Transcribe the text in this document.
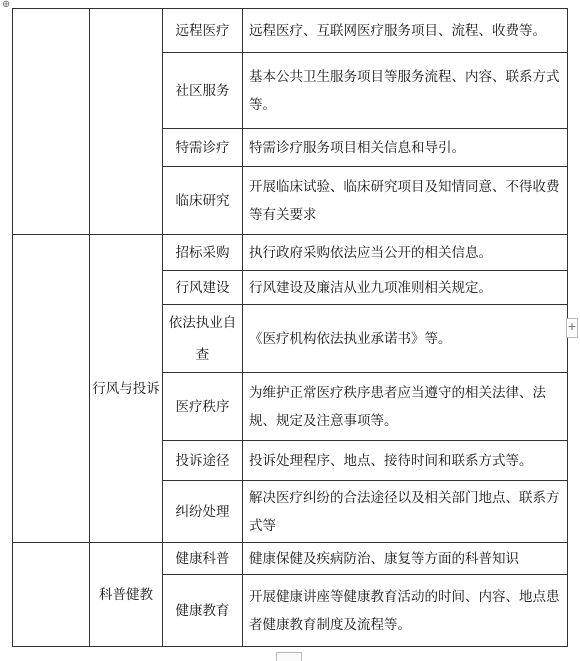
⊕
		远程医疗	远程医疗、互联网医疗服务项目、流程、收费等。
		社区服务	基本公共卫生服务项目等服务流程、内容、联系方式等。
		特需诊疗	特需诊疗服务项目相关信息和导引。
		临床研究	开展临床试验、临床研究项目及知情同意、不得收费等有关要求
	行风与投诉	招标采购	执行政府采购依法应当公开的相关信息。
		行风建设	行风建设及廉洁从业九项准则相关规定。
		依法执业自查	《医疗机构依法执业承诺书》等。
		医疗秩序	为维护正常医疗秩序患者应当遵守的相关法律、法规、规定及注意事项等。
		投诉途径	投诉处理程序、地点、接待时间和联系方式等。
		纠纷处理	解决医疗纠纷的合法途径以及相关部门地点、联系方式等
	科普健教	健康科普	健康保健及疾病防治、康复等方面的科普知识
		健康教育	开展健康讲座等健康教育活动的时间、内容、地点患者健康教育制度及流程等。
+
